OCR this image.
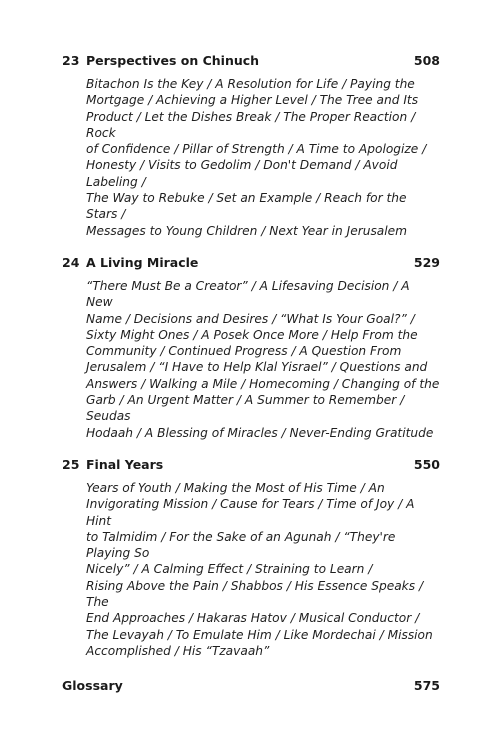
23 Perspectives on Chinuch	508
Bitachon Is the Key / A Resolution for Life / Paying the
Mortgage / Achieving a Higher Level / The Tree and Its
Product / Let the Dishes Break / The Proper Reaction / Rock
of Confidence / Pillar of Strength / A Time to Apologize /
Honesty / Visits to Gedolim / Don't Demand / Avoid Labeling /
The Way to Rebuke / Set an Example / Reach for the Stars /
Messages to Young Children / Next Year in Jerusalem
24 A Living Miracle	529
“There Must Be a Creator” / A Lifesaving Decision / A New
Name / Decisions and Desires / “What Is Your Goal?” /
Sixty Might Ones / A Posek Once More / Help From the
Community / Continued Progress / A Question From
Jerusalem / “I Have to Help Klal Yisrael” / Questions and
Answers / Walking a Mile / Homecoming / Changing of the
Garb / An Urgent Matter / A Summer to Remember / Seudas
Hodaah / A Blessing of Miracles / Never-Ending Gratitude
25 Final Years	550
Years of Youth / Making the Most of His Time / An
Invigorating Mission / Cause for Tears / Time of Joy / A Hint
to Talmidim / For the Sake of an Agunah / “They're Playing So
Nicely” / A Calming Effect / Straining to Learn /
Rising Above the Pain / Shabbos / His Essence Speaks / The
End Approaches / Hakaras Hatov / Musical Conductor /
The Levayah / To Emulate Him / Like Mordechai / Mission
Accomplished / His “Tzavaah”
Glossary	575
